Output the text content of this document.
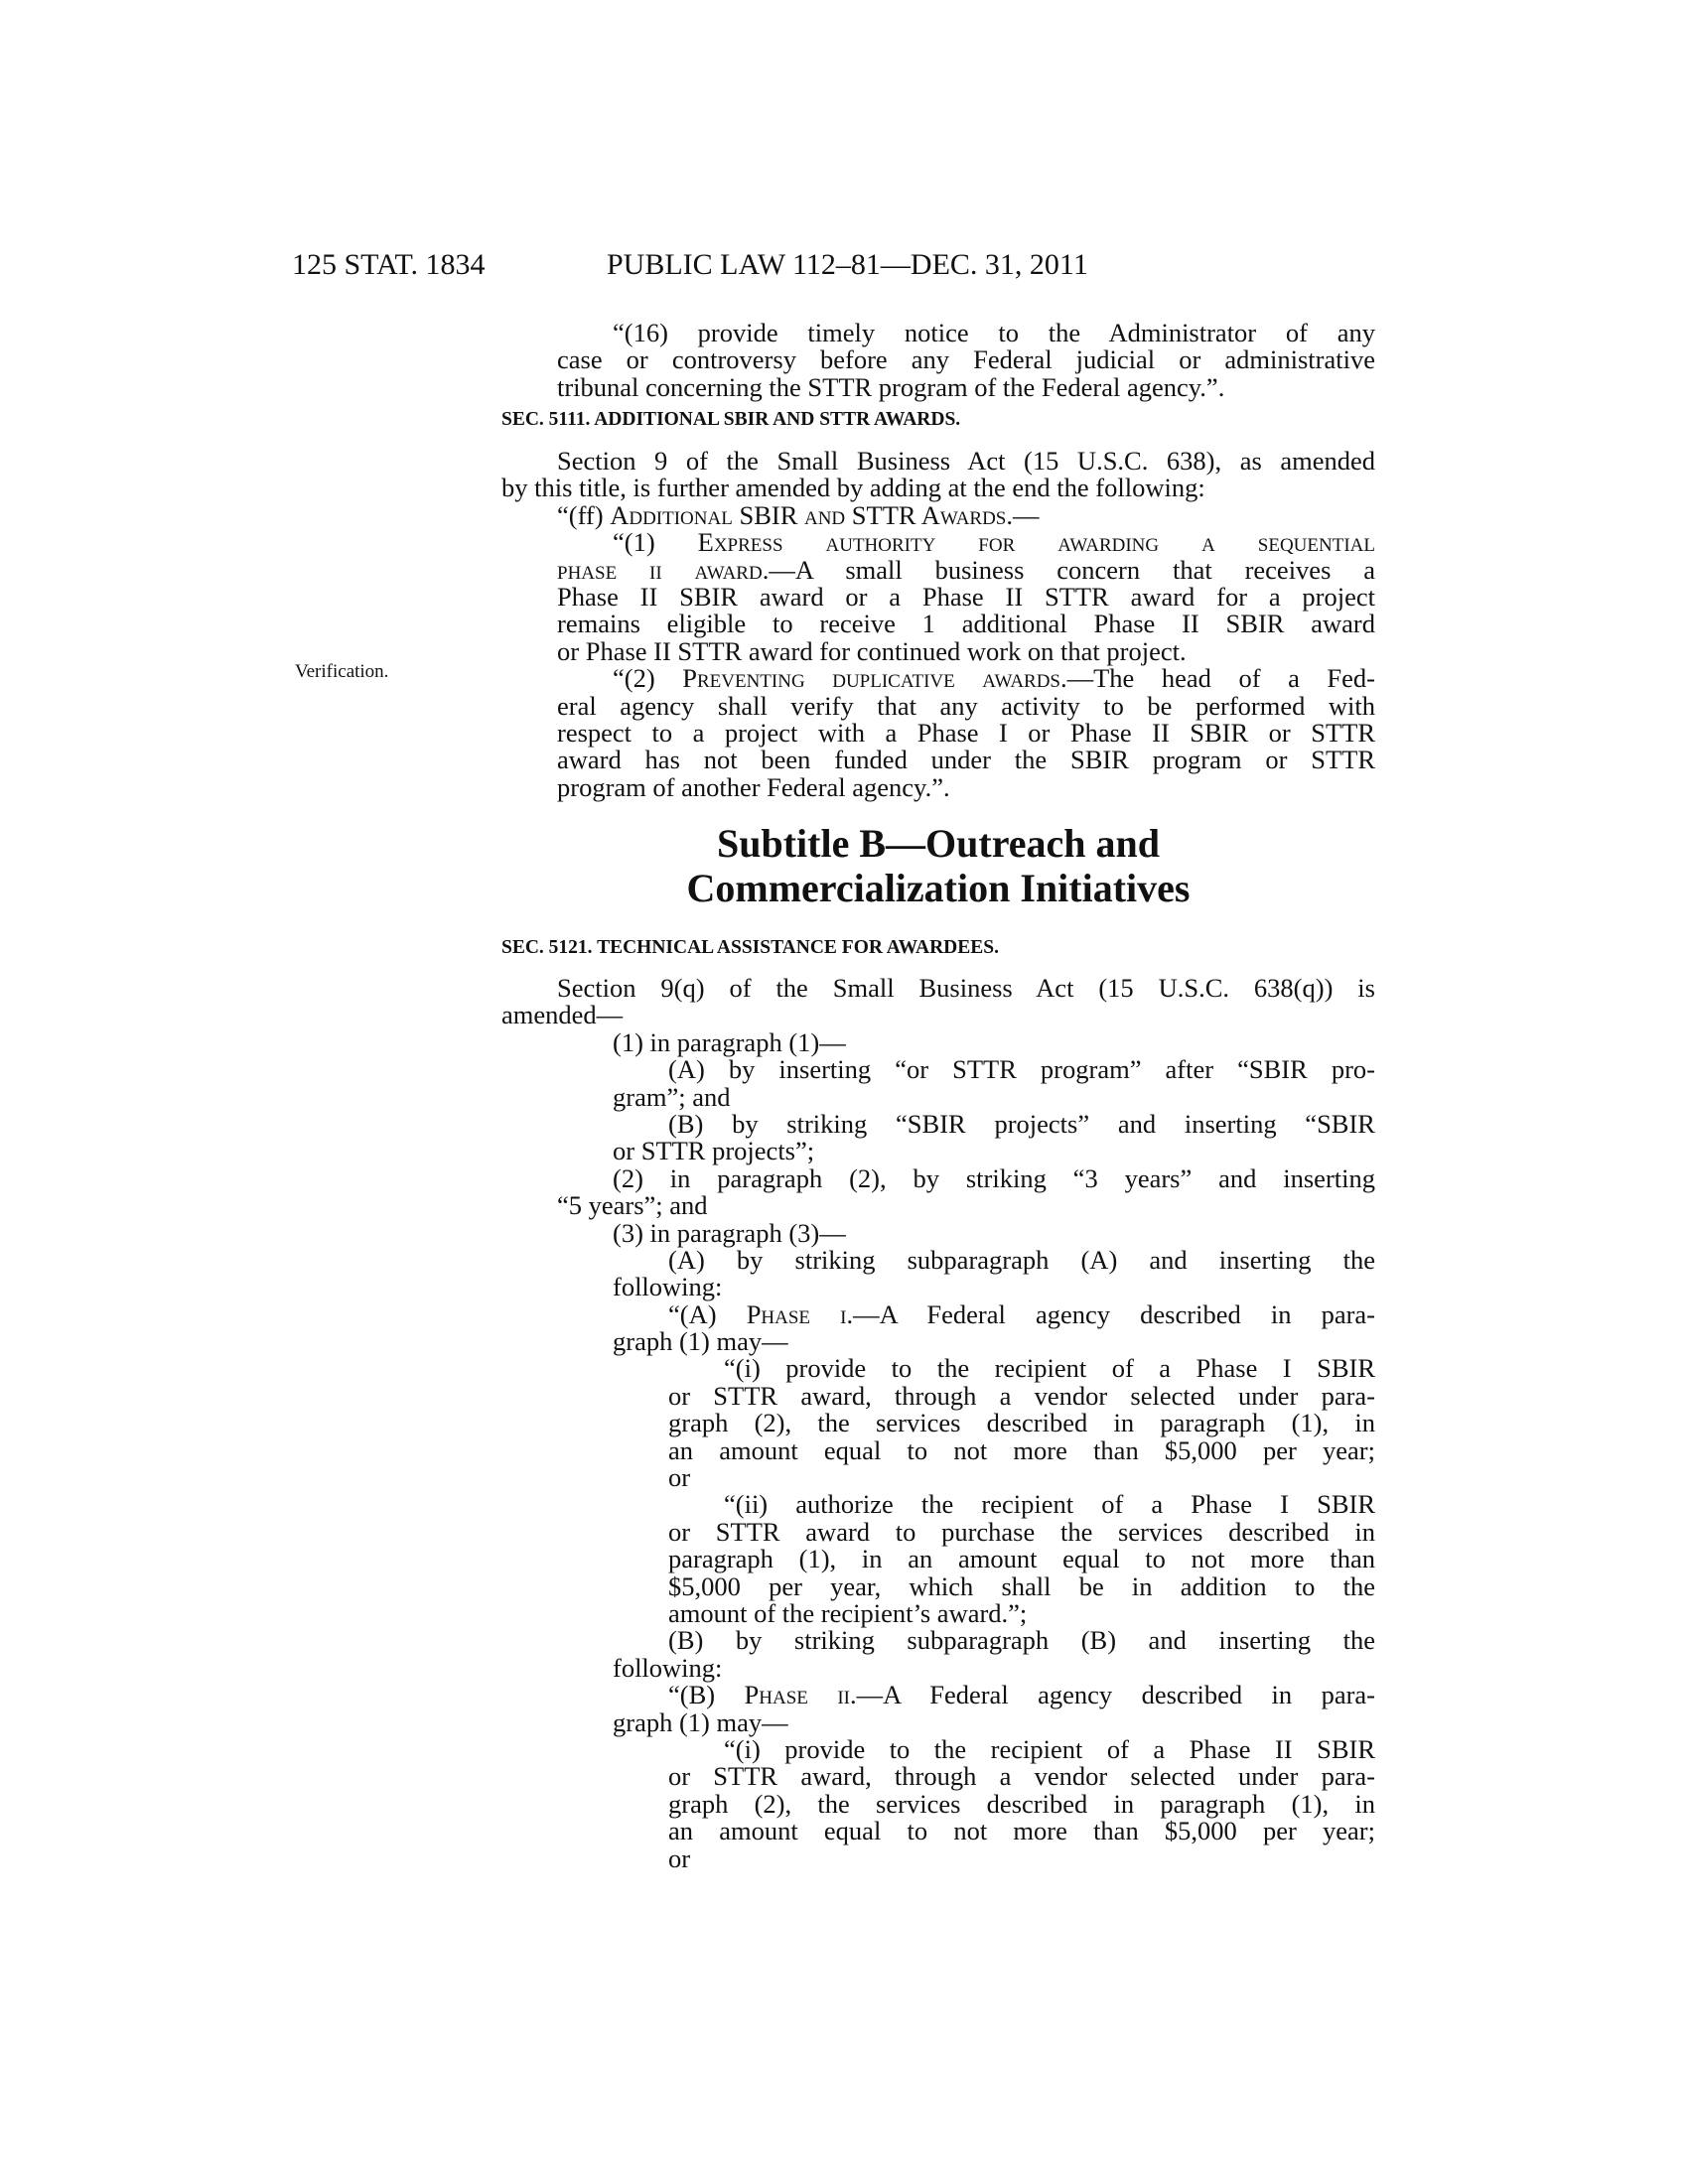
125 STAT. 1834	PUBLIC LAW 112–81—DEC. 31, 2011
Verification.
“(16) provide timely notice to the Administrator of any
case or controversy before any Federal judicial or administrative
tribunal concerning the STTR program of the Federal agency.”.
SEC. 5111. ADDITIONAL SBIR AND STTR AWARDS.
Section 9 of the Small Business Act (15 U.S.C. 638), as amended
by this title, is further amended by adding at the end the following:
“(ff) Additional SBIR and STTR Awards.—
“(1) Express authority for awarding a sequential
phase ii award.—A small business concern that receives a
Phase II SBIR award or a Phase II STTR award for a project
remains eligible to receive 1 additional Phase II SBIR award
or Phase II STTR award for continued work on that project.
“(2) Preventing duplicative awards.—The head of a Fed-
eral agency shall verify that any activity to be performed with
respect to a project with a Phase I or Phase II SBIR or STTR
award has not been funded under the SBIR program or STTR
program of another Federal agency.”.
Subtitle B—Outreach and
Commercialization Initiatives
SEC. 5121. TECHNICAL ASSISTANCE FOR AWARDEES.
Section 9(q) of the Small Business Act (15 U.S.C. 638(q)) is
amended—
(1) in paragraph (1)—
(A) by inserting “or STTR program” after “SBIR pro-
gram”; and
(B) by striking “SBIR projects” and inserting “SBIR
or STTR projects”;
(2) in paragraph (2), by striking “3 years” and inserting
“5 years”; and
(3) in paragraph (3)—
(A) by striking subparagraph (A) and inserting the
following:
“(A) Phase i.—A Federal agency described in para-
graph (1) may—
“(i) provide to the recipient of a Phase I SBIR
or STTR award, through a vendor selected under para-
graph (2), the services described in paragraph (1), in
an amount equal to not more than $5,000 per year;
or
“(ii) authorize the recipient of a Phase I SBIR
or STTR award to purchase the services described in
paragraph (1), in an amount equal to not more than
$5,000 per year, which shall be in addition to the
amount of the recipient’s award.”;
(B) by striking subparagraph (B) and inserting the
following:
“(B) Phase ii.—A Federal agency described in para-
graph (1) may—
“(i) provide to the recipient of a Phase II SBIR
or STTR award, through a vendor selected under para-
graph (2), the services described in paragraph (1), in
an amount equal to not more than $5,000 per year;
or
